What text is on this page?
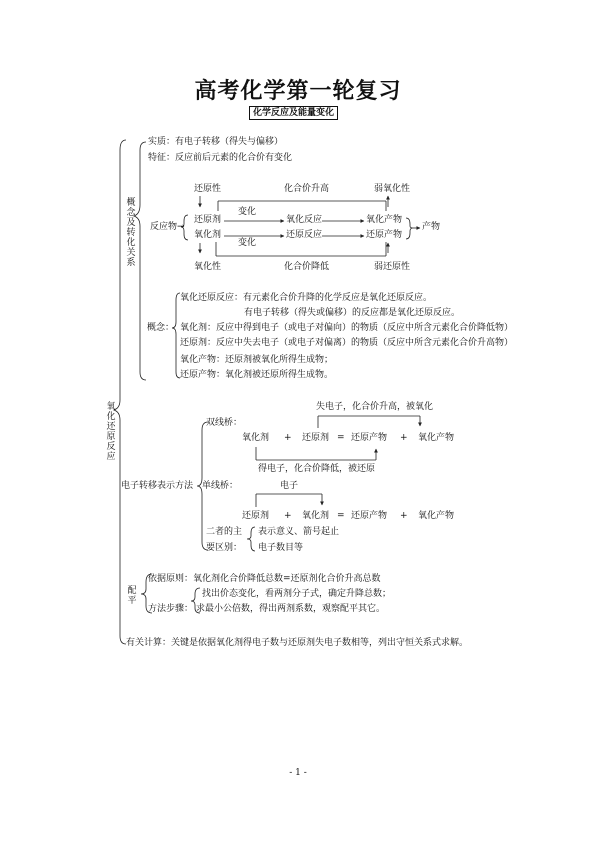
高考化学第一轮复习
化学反应及能量变化
氧化还原反应
概念及转化关系
实质：有电子转移（得失与偏移）
特征：反应前后元素的化合价有变化
反应物→
还原性	化合价升高	弱氧化性
还原剂
变化
氧化反应	氧化产物
氧化剂
变化
还原反应	还原产物
产物
氧化性	化合价降低	弱还原性
概念：
氧化还原反应：有元素化合价升降的化学反应是氧化还原反应。
有电子转移（得失或偏移）的反应都是氧化还原反应。
氧化剂：反应中得到电子（或电子对偏向）的物质（反应中所含元素化合价降低物）
还原剂：反应中失去电子（或电子对偏离）的物质（反应中所含元素化合价升高物）
氧化产物：还原剂被氧化所得生成物；
还原产物：氧化剂被还原所得生成物。
电子转移表示方法
双线桥：
失电子，化合价升高，被氧化
氧化剂 + 还原剂 = 还原产物 + 氧化产物
得电子，化合价降低，被还原
单线桥：	电子
还原剂 + 氧化剂 = 还原产物 + 氧化产物
二者的主
要区别：
表示意义、箭号起止
电子数目等
配平
依据原则：氧化剂化合价降低总数=还原剂化合价升高总数
方法步骤：
找出价态变化，看两剂分子式，确定升降总数；
求最小公倍数，得出两剂系数，观察配平其它。
有关计算：关键是依据氧化剂得电子数与还原剂失电子数相等，列出守恒关系式求解。
- 1 -
